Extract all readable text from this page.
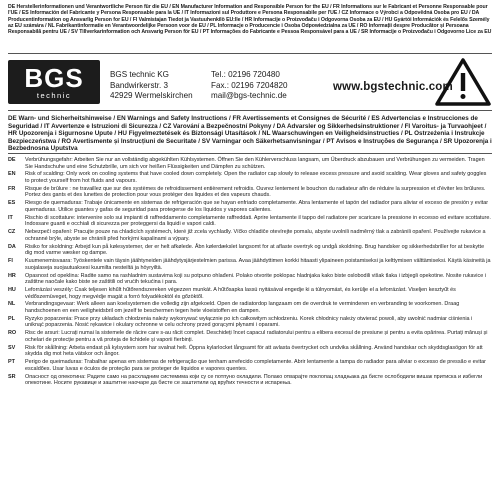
DE Herstellerinformationen und Verantwortliche Person für die EU / EN Manufacturer Information and Responsible Person for the EU / FR Informations sur le Fabricant et Personne Responsable pour l'UE / ES Información del Fabricante y Persona Responsable para la UE / IT Informazioni sul Produttore e Persona Responsabile per l'UE / CZ Informace o Výrobci a Odpovědná Osoba pro EU / DA Producentinformation og Ansvarlig Person for EU / FI Valmistajan Tiedot ja Vastuuhenkilö EU:lle / HR Informacije o Proizvođaču i Odgovorna Osoba za EU / HU Gyártói Információk és Felelős Személy az EU számára / NL Fabrikantinformatie en Verantwoordelijke Persoon voor de EU / PL Informacje o Producencie i Osoba Odpowiedzialna za UE / RO Informații despre Producător și Persoana Responsabilă pentru UE / SV Tillverkarinformation och Ansvarig Person för EU / PT Informações do Fabricante e Pessoa Responsável para a UE / SR Informacije o Proizvođaču i Odgovorno Lice za EU
BGS
technic
BGS technic KG
Bandwirkerstr. 3
42929 Wermelskirchen
Tel.: 02196 720480
Fax.: 02196 7204820
mail@bgs-technic.de
www.bgstechnic.com
DE Warn- und Sicherheitshinweise / EN Warnings and Safety Instructions / FR Avertissements et Consignes de Sécurité / ES Advertencias e Instrucciones de Seguridad / IT Avvertenze e Istruzioni di Sicurezza / CZ Varování a Bezpečnostní Pokyny / DA Advarsler og Sikkerhedsinstruktioner / FI Varoitus- ja Turvaohjeet / HR Upozorenja i Sigurnosne Upute / HU Figyelmeztetések és Biztonsági Utasítások / NL Waarschuwingen en Veiligheidsinstructies / PL Ostrzeżenia i Instrukcje Bezpieczeństwa / RO Avertismente și Instrucțiuni de Securitate / SV Varningar och Säkerhetsanvisningar / PT Avisos e Instruções de Segurança / SR Upozorenja i Bezbednosna Uputstva
DE	Verbrühungsgefahr: Arbeiten Sie nur an vollständig abgekühlten Kühlsystemen. Öffnen Sie den Kühlerverschluss langsam, um Überdruck abzubauen und Verbrühungen zu vermeiden. Tragen Sie Handschuhe und eine Schutzbrille, um sich vor heißen Flüssigkeiten und Dämpfen zu schützen.
EN	Risk of scalding: Only work on cooling systems that have cooled down completely. Open the radiator cap slowly to release excess pressure and avoid scalding. Wear gloves and safety goggles to protect yourself from hot fluids and vapours.
FR	Risque de brûlure : ne travaillez que sur des systèmes de refroidissement entièrement refroidis. Ouvrez lentement le bouchon du radiateur afin de réduire la surpression et d'éviter les brûlures. Portez des gants et des lunettes de protection pour vous protéger des liquides et des vapeurs chauds.
ES	Riesgo de quemaduras: Trabaje únicamente en sistemas de refrigeración que se hayan enfriado completamente. Abra lentamente el tapón del radiador para aliviar el exceso de presión y evitar quemaduras. Utilice guantes y gafas de seguridad para protegerse de los líquidos y vapores calientes.
IT	Rischio di scottature: intervenire solo sui impianti di raffreddamento completamente raffreddati. Aprire lentamente il tappo del radiatore per scaricare la pressione in eccesso ed evitare scottature. Indossare guanti e occhiali di sicurezza per proteggersi da liquidi e vapori caldi.
CZ	Nebezpečí opaření: Pracujte pouze na chladicích systémech, které již zcela vychladly. Víčko chladiče otevírejte pomalu, abyste uvolnili nadměrný tlak a zabránili opaření. Používejte rukavice a ochranné brýle, abyste se chránili před horkými kapalinami a výpary.
DA	Risiko for skoldning: Arbejd kun på kølesystemer, der er helt afkølede. Åbn kølerdækslet langsomt for at aflaste overtryk og undgå skoldning. Brug handsker og sikkerhedsbriller for at beskytte dig mod varme væsker og dampe.
FI	Kuumenemisvaara: Työskentele vain täysin jäähtyneiden jäähdytysjärjestelmien parissa. Avaa jäähdyttimen korkki hitaasti ylipaineen poistamiseksi ja kelttymisen välttämiseksi. Käytä käsineitä ja suojalaseja suojautuaksesi kuumilta nesteiltä ja höyryiltä.
HR	Opasnost od opeklina: Radite samo na rashladnim sustavima koji su potpuno ohlađeni. Polako otvorite poklopac hladnjaka kako biste oslobodili višak tlaka i izbjegli opekotine. Nosite rukavice i zaštitne naočale kako biste se zaštitili od vrućih tekućina i para.
HU	Leforrázási veszély: Csak teljesen kihűlt hűtőrendszereken végezzen munkát. A hűtősapka lassú nyitásával engedje ki a túlnyomást, és kerülje el a leforrázást. Viseljen kesztyűt és védőszemüveget, hogy megvédje magát a forró folyadékoktól és gőzöktől.
NL	Verbrandingsgevaar: Werk alleen aan koelsystemen die volledig zijn afgekoeld. Open de radiatordop langzaam om de overdruk te verminderen en verbranding te voorkomen. Draag handschoenen en een veiligheidsbril om jezelf te beschermen tegen hete vloeistoffen en dampen.
PL	Ryzyko poparzenia: Prace przy układach chłodzenia należy wykonywać wyłącznie po ich całkowitym schłodzeniu. Korek chłodnicy należy otwierać powoli, aby uwolnić nadmiar ciśnienia i uniknąć poparzenia. Nosić rękawice i okulary ochronne w celu ochrony przed gorącymi płynami i oparami.
RO	Risc de arsuri: Lucrați numai la sistemele de răcire care s-au răcit complet. Deschideți încet capacul radiatorului pentru a elibera excesul de presiune și pentru a evita opărirea. Purtați mănuși și ochelari de protecție pentru a vă proteja de lichidele și vaporii fierbinți.
SV	Risk för skållning: Arbeta endast på kylsystem som har svalnat helt. Öppna kylarlocket långsamt för att avlasta övertrycket och undvika skållning. Använd handskar och skyddsglasögon för att skydda dig mot heta vätskor och ångor.
PT	Perigo de queimaduras: Trabalhar apenas em sistemas de refrigeração que tenham arrefecido completamente. Abrir lentamente a tampa do radiador para aliviar o excesso de pressão e evitar escaldões. Usar luvas e óculos de proteção para se proteger de líquidos e vapores quentes.
SR	Опасност од опекотина: Радите само на расхладним системима који су се потпуно охладили. Полако отварајте поклопац хладњака да бисте ослободили вишак притиска и избегли опекотине. Носите рукавице и заштитне наочаре да бисте се заштитили од врућих течности и испарења.
